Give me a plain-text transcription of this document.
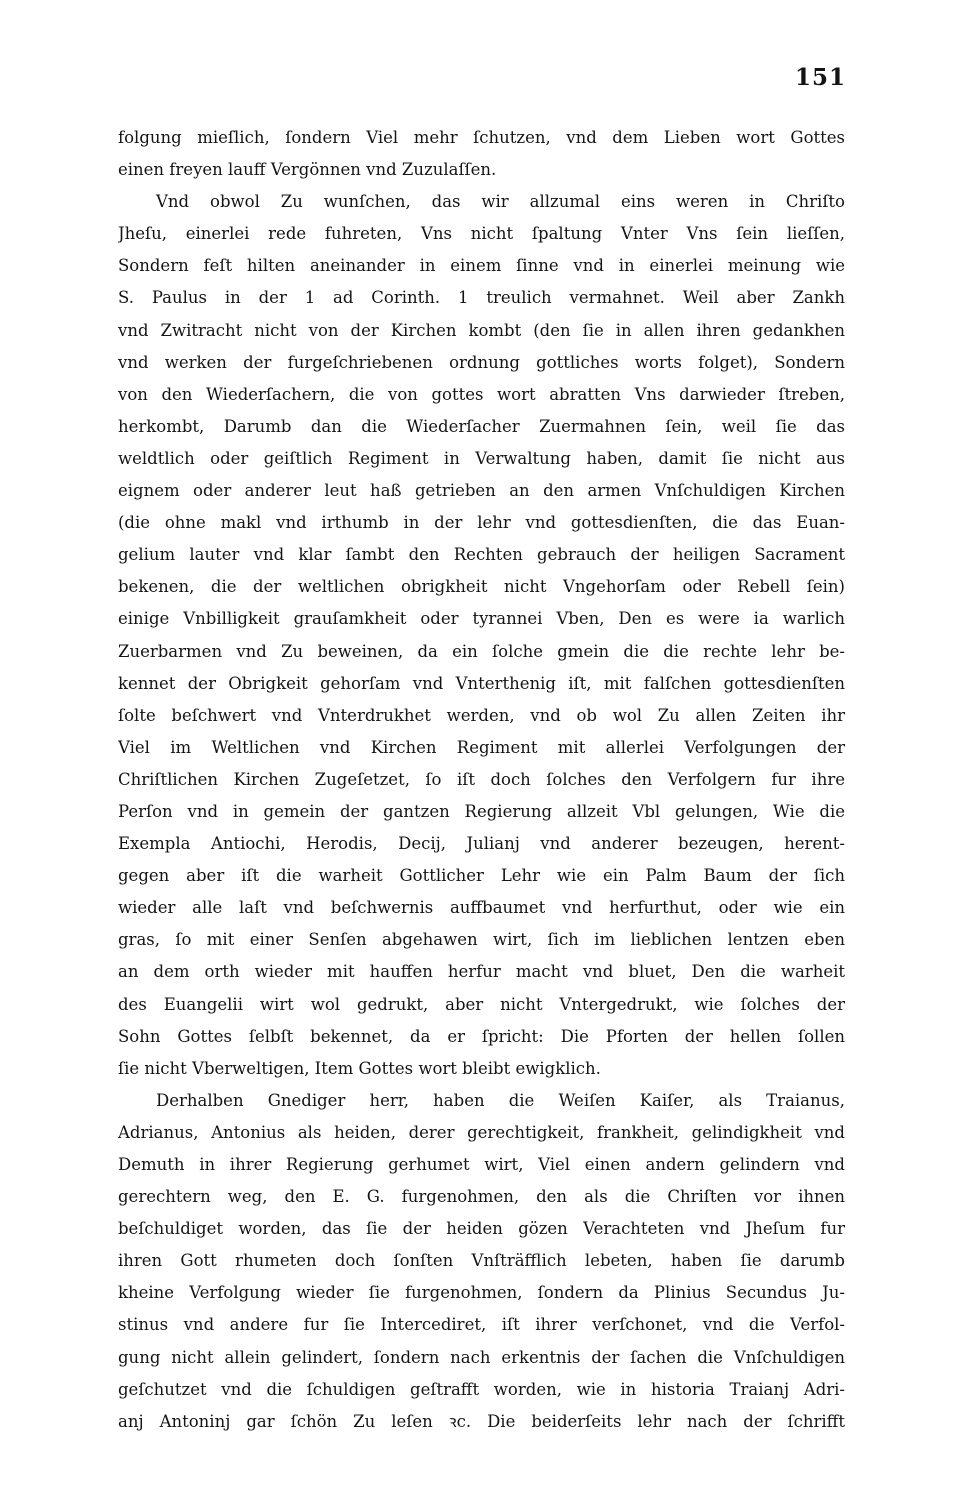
151
folgung mieſlich, ſondern Viel mehr ſchutzen, vnd dem Lieben wort Gottes
einen freyen lauff Vergönnen vnd Zuzulaſſen.
Vnd obwol Zu wunſchen, das wir allzumal eins weren in Chriſto
Jheſu, einerlei rede fuhreten, Vns nicht ſpaltung Vnter Vns ſein lieſſen,
Sondern feſt hilten aneinander in einem ſinne vnd in einerlei meinung wie
S. Paulus in der 1 ad Corinth. 1 treulich vermahnet. Weil aber Zankh
vnd Zwitracht nicht von der Kirchen kombt (den ſie in allen ihren gedankhen
vnd werken der furgeſchriebenen ordnung gottliches worts folget), Sondern
von den Wiederſachern, die von gottes wort abratten Vns darwieder ſtreben,
herkombt, Darumb dan die Wiederſacher Zuermahnen ſein, weil ſie das
weldtlich oder geiſtlich Regiment in Verwaltung haben, damit ſie nicht aus
eignem oder anderer leut haß getrieben an den armen Vnſchuldigen Kirchen
(die ohne makl vnd irthumb in der lehr vnd gottesdienſten, die das Euan-
gelium lauter vnd klar ſambt den Rechten gebrauch der heiligen Sacrament
bekenen, die der weltlichen obrigkheit nicht Vngehorſam oder Rebell ſein)
einige Vnbilligkeit grauſamkheit oder tyrannei Vben, Den es were ia warlich
Zuerbarmen vnd Zu beweinen, da ein ſolche gmein die die rechte lehr be-
kennet der Obrigkeit gehorſam vnd Vnterthenig iſt, mit falſchen gottesdienſten
ſolte beſchwert vnd Vnterdrukhet werden, vnd ob wol Zu allen Zeiten ihr
Viel im Weltlichen vnd Kirchen Regiment mit allerlei Verfolgungen der
Chriſtlichen Kirchen Zugeſetzet, ſo iſt doch ſolches den Verfolgern fur ihre
Perſon vnd in gemein der gantzen Regierung allzeit Vbl gelungen, Wie die
Exempla Antiochi, Herodis, Decij, Julianj vnd anderer bezeugen, herent-
gegen aber iſt die warheit Gottlicher Lehr wie ein Palm Baum der ſich
wieder alle laſt vnd beſchwernis auffbaumet vnd herfurthut, oder wie ein
gras, ſo mit einer Senſen abgehawen wirt, ſich im lieblichen lentzen eben
an dem orth wieder mit hauffen herfur macht vnd bluet, Den die warheit
des Euangelii wirt wol gedrukt, aber nicht Vntergedrukt, wie ſolches der
Sohn Gottes ſelbſt bekennet, da er ſpricht: Die Pforten der hellen ſollen
ſie nicht Vberweltigen, Item Gottes wort bleibt ewigklich.
Derhalben Gnediger herr, haben die Weiſen Kaiſer, als Traianus,
Adrianus, Antonius als heiden, derer gerechtigkeit, frankheit, gelindigkheit vnd
Demuth in ihrer Regierung gerhumet wirt, Viel einen andern gelindern vnd
gerechtern weg, den E. G. furgenohmen, den als die Chriſten vor ihnen
beſchuldiget worden, das ſie der heiden gözen Verachteten vnd Jheſum fur
ihren Gott rhumeten doch ſonſten Vnſträfflich lebeten, haben ſie darumb
kheine Verfolgung wieder ſie furgenohmen, ſondern da Plinius Secundus Ju-
stinus vnd andere fur ſie Intercediret, iſt ihrer verſchonet, vnd die Verfol-
gung nicht allein gelindert, ſondern nach erkentnis der ſachen die Vnſchuldigen
geſchutzet vnd die ſchuldigen geſtrafft worden, wie in historia Traianj Adri-
anj Antoninj gar ſchön Zu leſen ꝛc. Die beiderſeits lehr nach der ſchrifft
